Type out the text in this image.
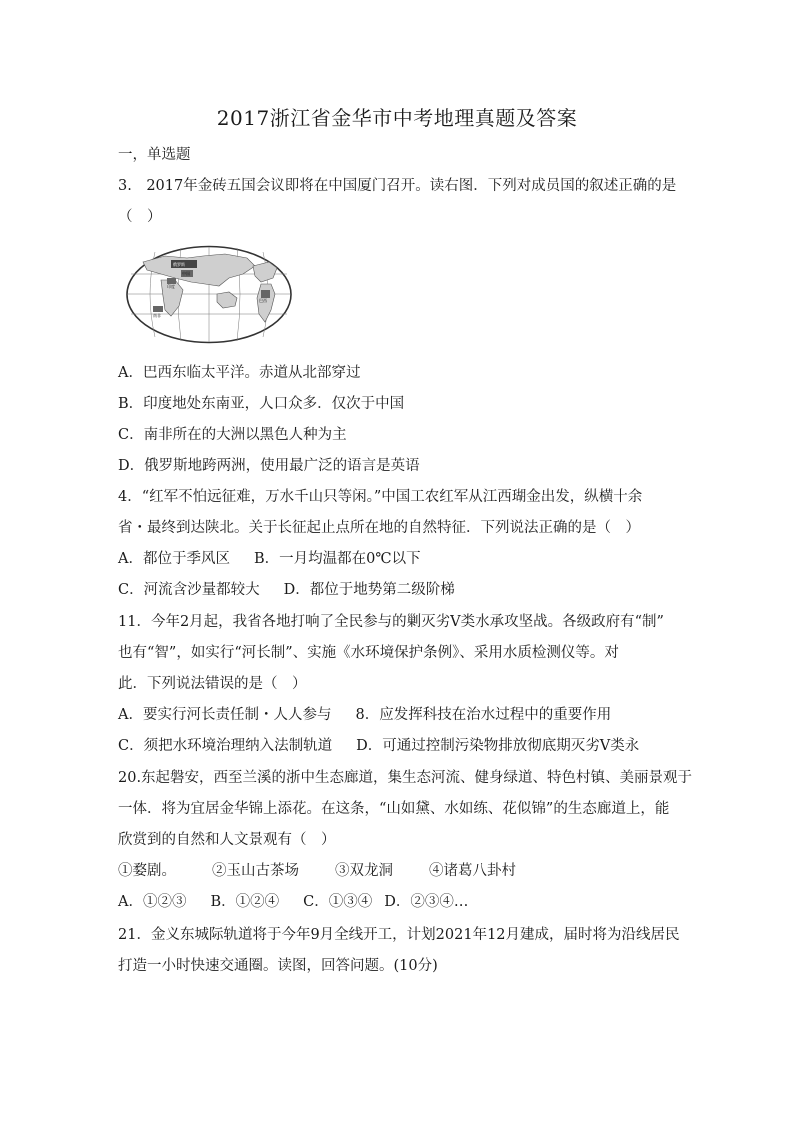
2017浙江省金华市中考地理真题及答案
一，单选题
3.　2017年金砖五国会议即将在中国厦门召开。读右图．下列对成员国的叙述正确的是
（　）
俄罗斯
中国
印度
巴西
南非
A．巴西东临太平洋。赤道从北部穿过
B．印度地处东南亚，人口众多．仅次于中国
C．南非所在的大洲以黑色人种为主
D．俄罗斯地跨两洲，使用最广泛的语言是英语
4．“红军不怕远征难，万水千山只等闲。”中国工农红军从江西瑚金出发，纵横十余
省・最终到达陕北。关于长征起止点所在地的自然特征．下列说法正确的是（　）
A．都位于季风区 B．一月均温都在0℃以下
C．河流含沙量都较大 D．都位于地势第二级阶梯
11．今年2月起，我省各地打响了全民参与的剿灭劣Ⅴ类水承攻坚战。各级政府有“制”
也有“智”，如实行“河长制”、实施《水环境保护条例》、采用水质检测仪等。对
此．下列说法错误的是（　）
A．要实行河长责任制・人人参与 8．应发挥科技在治水过程中的重要作用
C．须把水环境治理纳入法制轨道 D．可通过控制污染物排放彻底期灭劣Ⅴ类永
20.东起磐安，西至兰溪的浙中生态廊道，集生态河流、健身绿道、特色村镇、美丽景观于
一体．将为宜居金华锦上添花。在这条，“山如黛、水如练、花似锦”的生态廊道上，能
欣赏到的自然和人文景观有（　）
①婺剧。 ②玉山古茶场 ③双龙洞 ④诸葛八卦村
A．①②③ B．①②④ C．①③④ D．②③④…
21．金义东城际轨道将于今年9月全线开工，计划2021年12月建成，届时将为沿线居民
打造一小时快速交通圈。读图，回答问题。(10分)
